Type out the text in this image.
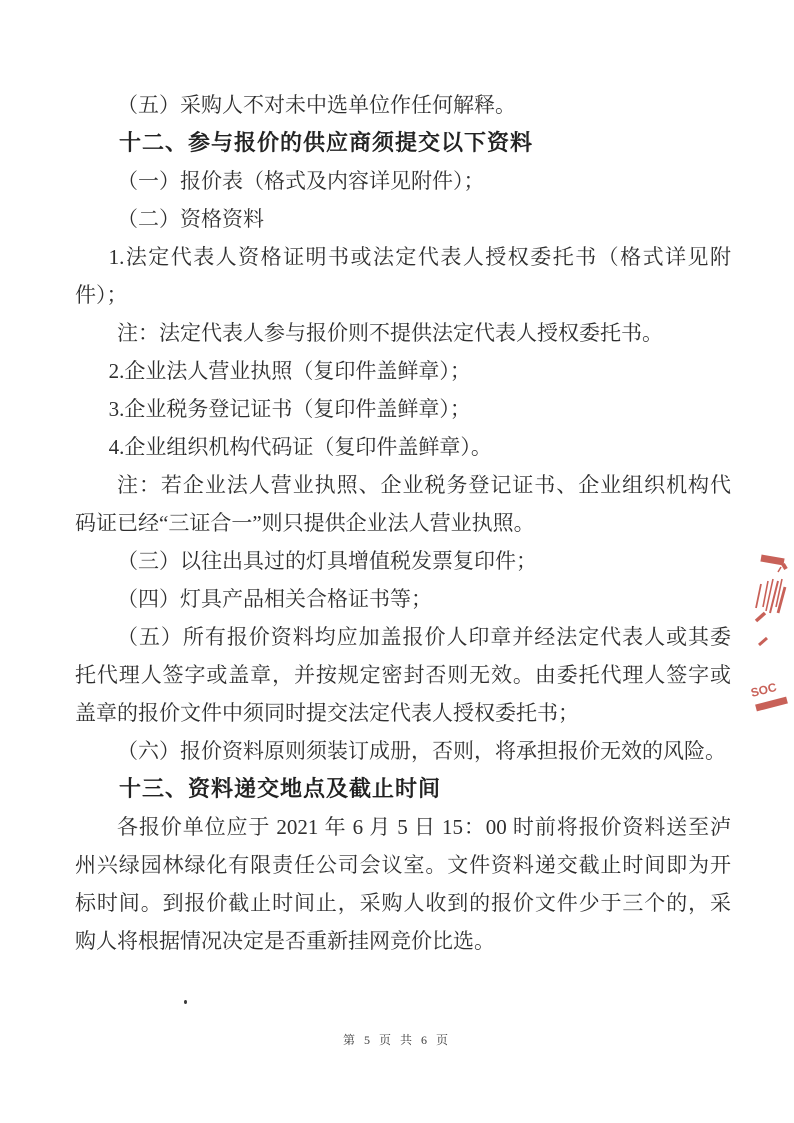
（五）采购人不对未中选单位作任何解释。
十二、参与报价的供应商须提交以下资料
（一）报价表（格式及内容详见附件）；
（二）资格资料
1.法定代表人资格证明书或法定代表人授权委托书（格式详见附
件）；
注：法定代表人参与报价则不提供法定代表人授权委托书。
2.企业法人营业执照（复印件盖鲜章）；
3.企业税务登记证书（复印件盖鲜章）；
4.企业组织机构代码证（复印件盖鲜章）。
注：若企业法人营业执照、企业税务登记证书、企业组织机构代
码证已经“三证合一”则只提供企业法人营业执照。
（三）以往出具过的灯具增值税发票复印件；
（四）灯具产品相关合格证书等；
（五）所有报价资料均应加盖报价人印章并经法定代表人或其委
托代理人签字或盖章，并按规定密封否则无效。由委托代理人签字或
盖章的报价文件中须同时提交法定代表人授权委托书；
（六）报价资料原则须装订成册，否则，将承担报价无效的风险。
十三、资料递交地点及截止时间
各报价单位应于 2021 年 6 月 5 日 15：00 时前将报价资料送至泸
州兴绿园林绿化有限责任公司会议室。文件资料递交截止时间即为开
标时间。到报价截止时间止，采购人收到的报价文件少于三个的，采
购人将根据情况决定是否重新挂网竞价比选。
SOC
第 5 页 共 6 页
